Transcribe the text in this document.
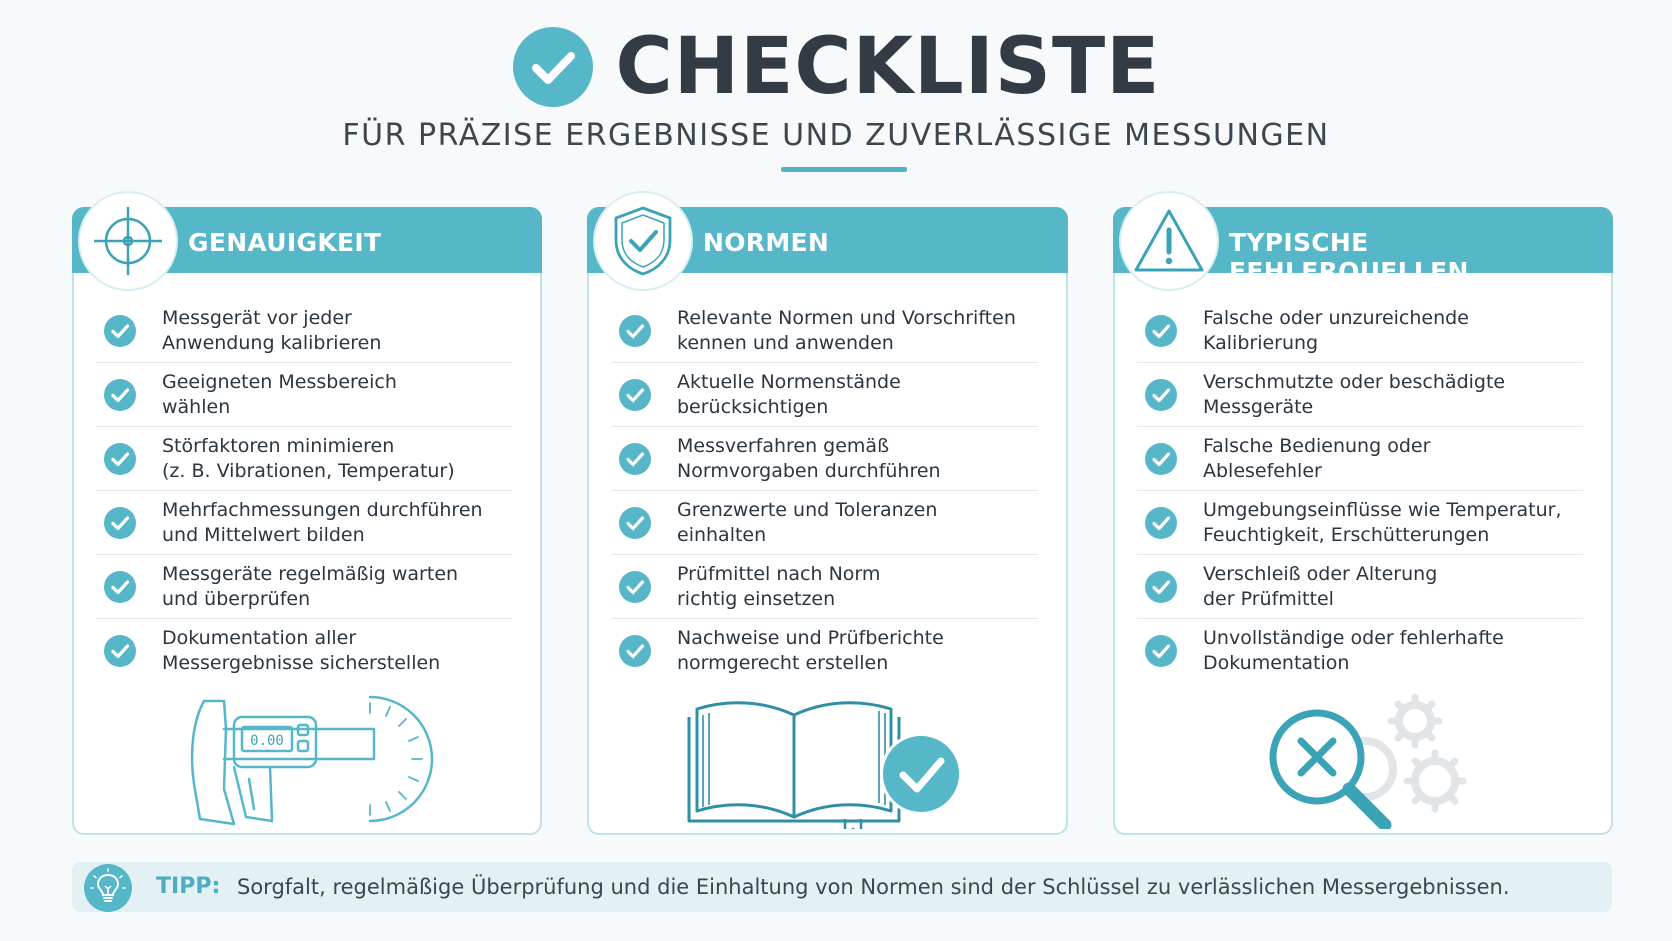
CHECKLISTE
FÜR PRÄZISE ERGEBNISSE UND ZUVERLÄSSIGE MESSUNGEN
GENAUIGKEIT
Messgerät vor jeder
Anwendung kalibrieren
Geeigneten Messbereich
wählen
Störfaktoren minimieren
(z. B. Vibrationen, Temperatur)
Mehrfachmessungen durchführen
und Mittelwert bilden
Messgeräte regelmäßig warten
und überprüfen
Dokumentation aller
Messergebnisse sicherstellen
0.00
NORMEN
Relevante Normen und Vorschriften
kennen und anwenden
Aktuelle Normenstände
berücksichtigen
Messverfahren gemäß
Normvorgaben durchführen
Grenzwerte und Toleranzen
einhalten
Prüfmittel nach Norm
richtig einsetzen
Nachweise und Prüfberichte
normgerecht erstellen
TYPISCHE FEHLERQUELLEN
Falsche oder unzureichende
Kalibrierung
Verschmutzte oder beschädigte
Messgeräte
Falsche Bedienung oder
Ablesefehler
Umgebungseinflüsse wie Temperatur,
Feuchtigkeit, Erschütterungen
Verschleiß oder Alterung
der Prüfmittel
Unvollständige oder fehlerhafte
Dokumentation
TIPP: Sorgfalt, regelmäßige Überprüfung und die Einhaltung von Normen sind der Schlüssel zu verlässlichen Messergebnissen.
